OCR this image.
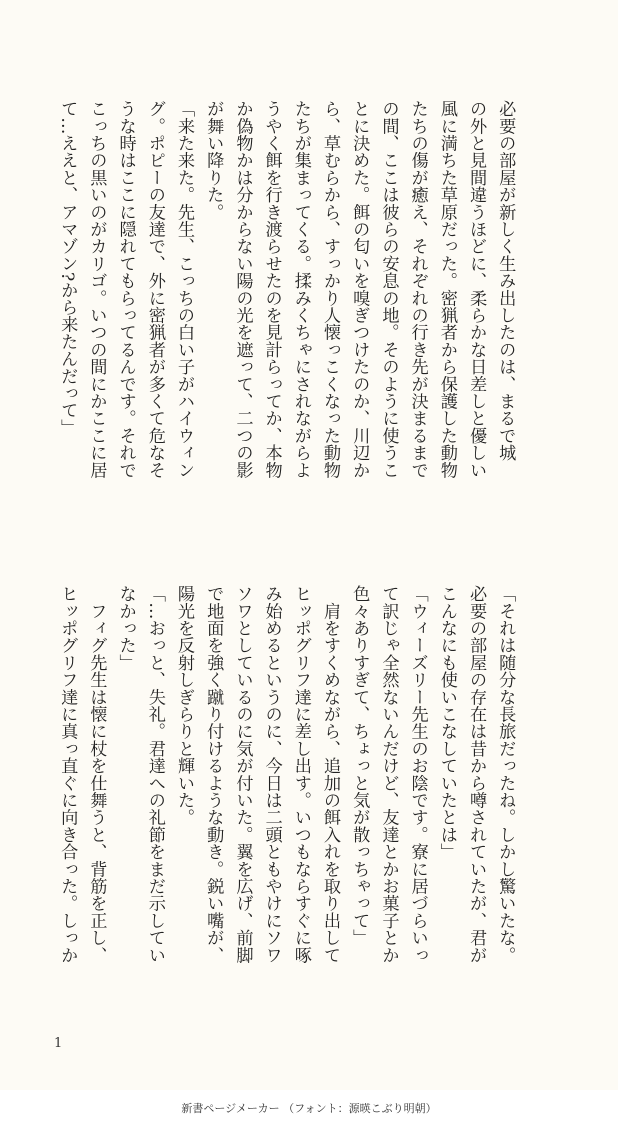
必要の部屋が新しく生み出したのは、まるで城

の外と見間違うほどに、柔らかな日差しと優しい

風に満ちた草原だった。密猟者から保護した動物

たちの傷が癒え、それぞれの行き先が決まるまで

の間、ここは彼らの安息の地。そのように使うこ

とに決めた。餌の匂いを嗅ぎつけたのか、川辺か

ら、草むらから、すっかり人懐っこくなった動物

たちが集まってくる。揉みくちゃにされながらよ

うやく餌を行き渡らせたのを見計らってか、本物

か偽物かは分からない陽の光を遮って、二つの影

が舞い降りた。

「来た来た。先生、こっちの白い子がハイウィン

グ。ポピーの友達で、外に密猟者が多くて危なそ

うな時はここに隠れてもらってるんです。それで

こっちの黒いのがカリゴ。いつの間にかここに居

て…ええと、アマゾン?から来たんだって」

「それは随分な長旅だったね。しかし驚いたな。

必要の部屋の存在は昔から噂されていたが、君が

こんなにも使いこなしていたとは」

「ウィーズリー先生のお陰です。寮に居づらいっ

て訳じゃ全然ないんだけど、友達とかお菓子とか

色々ありすぎて、ちょっと気が散っちゃって」

　肩をすくめながら、追加の餌入れを取り出して

ヒッポグリフ達に差し出す。いつもならすぐに啄

み始めるというのに、今日は二頭ともやけにソワ

ソワとしているのに気が付いた。翼を広げ、前脚

で地面を強く蹴り付けるような動き。鋭い嘴が、

陽光を反射しぎらりと輝いた。

「…おっと、失礼。君達への礼節をまだ示してい

なかった」

　フィグ先生は懐に杖を仕舞うと、背筋を正し、

ヒッポグリフ達に真っ直ぐに向き合った。しっか

1
新書ページメーカー （フォント：源暎こぶり明朝）
